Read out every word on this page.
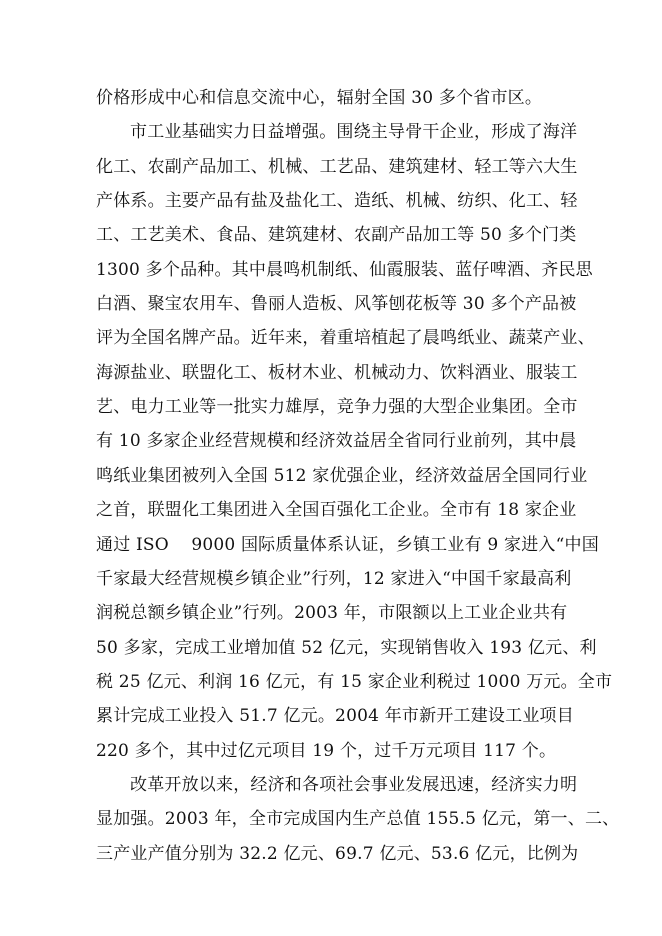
价格形成中心和信息交流中心，辐射全国 30 多个省市区。
市工业基础实力日益增强。围绕主导骨干企业，形成了海洋
化工、农副产品加工、机械、工艺品、建筑建材、轻工等六大生
产体系。主要产品有盐及盐化工、造纸、机械、纺织、化工、轻
工、工艺美术、食品、建筑建材、农副产品加工等 50 多个门类
1300 多个品种。其中晨鸣机制纸、仙霞服装、蓝仔啤酒、齐民思
白酒、聚宝农用车、鲁丽人造板、风筝刨花板等 30 多个产品被
评为全国名牌产品。近年来，着重培植起了晨鸣纸业、蔬菜产业、
海源盐业、联盟化工、板材木业、机械动力、饮料酒业、服装工
艺、电力工业等一批实力雄厚，竞争力强的大型企业集团。全市
有 10 多家企业经营规模和经济效益居全省同行业前列，其中晨
鸣纸业集团被列入全国 512 家优强企业，经济效益居全国同行业
之首，联盟化工集团进入全国百强化工企业。全市有 18 家企业
通过 ISO    9000 国际质量体系认证，乡镇工业有 9 家进入“中国
千家最大经营规模乡镇企业”行列，12 家进入“中国千家最高利
润税总额乡镇企业”行列。2003 年，市限额以上工业企业共有
50 多家，完成工业增加值 52 亿元，实现销售收入 193 亿元、利
税 25 亿元、利润 16 亿元，有 15 家企业利税过 1000 万元。全市
累计完成工业投入 51.7 亿元。2004 年市新开工建设工业项目
220 多个，其中过亿元项目 19 个，过千万元项目 117 个。
改革开放以来，经济和各项社会事业发展迅速，经济实力明
显加强。2003 年，全市完成国内生产总值 155.5 亿元，第一、二、
三产业产值分别为 32.2 亿元、69.7 亿元、53.6 亿元，比例为
